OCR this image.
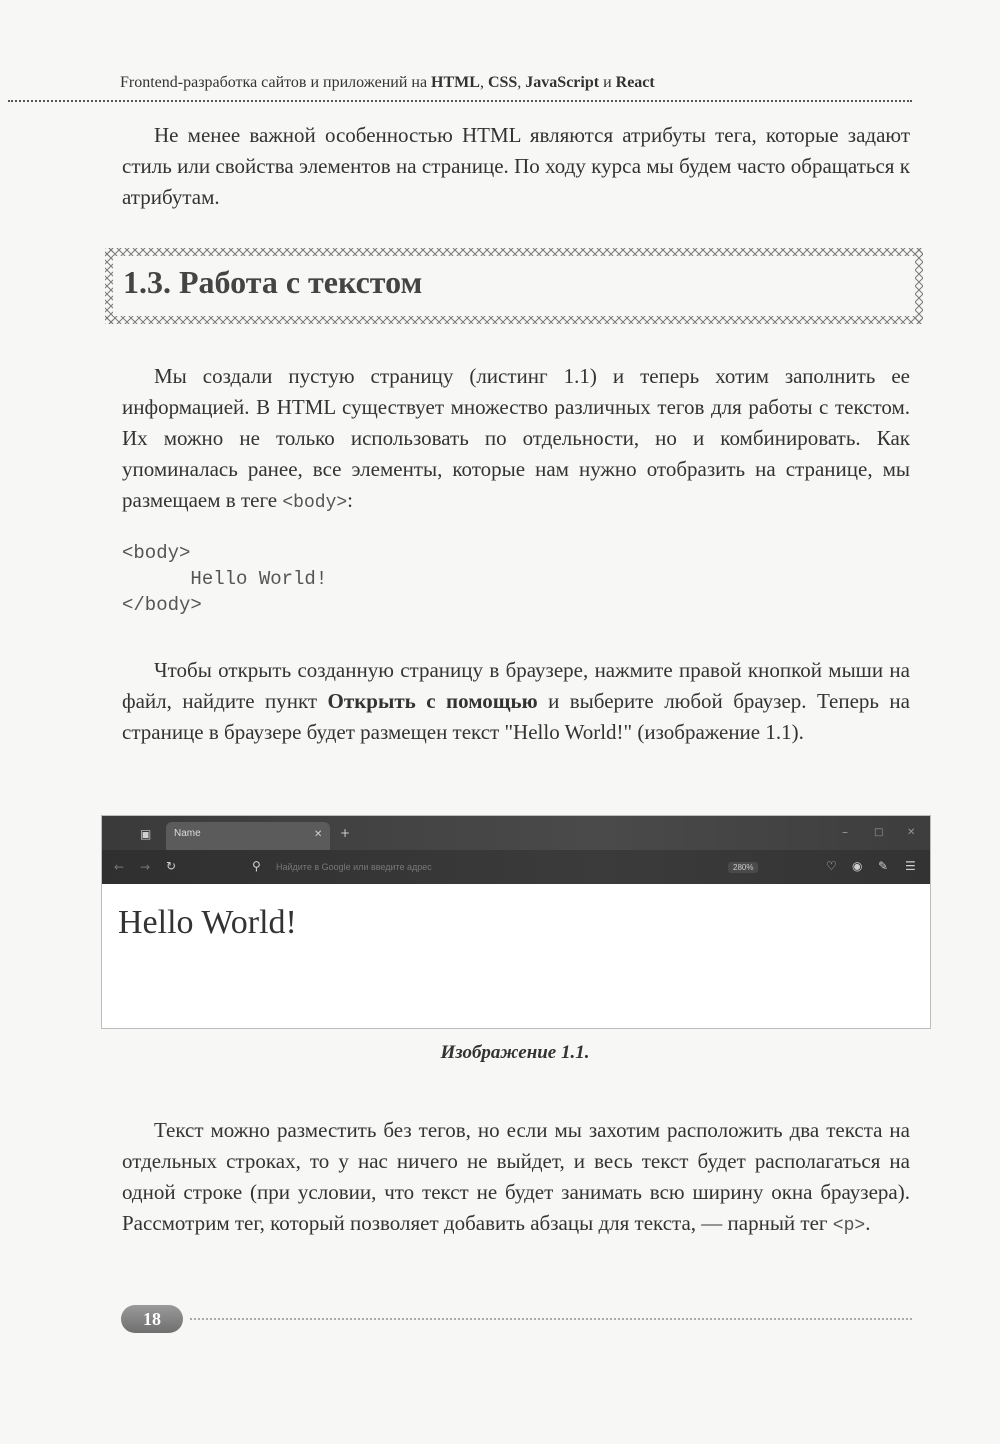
Frontend-разработка сайтов и приложений на HTML, CSS, JavaScript и React

Не менее важной особенностью HTML являются атрибуты тега, которые задают стиль или свойства элементов на странице. По ходу курса мы будем часто обращаться к атрибутам.

1.3. Работа с текстом

Мы создали пустую страницу (листинг 1.1) и теперь хотим заполнить ее информацией. В HTML существует множество различных тегов для работы с текстом. Их можно не только использовать по отдельности, но и комбинировать. Как упоминалась ранее, все элементы, которые нам нужно отобразить на странице, мы размещаем в теге <body>:

<body>
Hello World!
</body>

Чтобы открыть созданную страницу в браузере, нажмите правой кнопкой мыши на файл, найдите пункт Открыть с помощью и выберите любой браузер. Теперь на странице в браузере будет размещен текст "Hello World!" (изображение 1.1).

▣ Name	✕ +	–	□ ✕
← → ↻	⚲	♡ ◉ ✎ ☰
Найдите в Google или введите адрес	280%

Hello World!

Изображение 1.1.

Текст можно разместить без тегов, но если мы захотим расположить два текста на отдельных строках, то у нас ничего не выйдет, и весь текст будет располагаться на одной строке (при условии, что текст не будет занимать всю ширину окна браузера). Рассмотрим тег, который позволяет добавить абзацы для текста, — парный тег <p>.

18
